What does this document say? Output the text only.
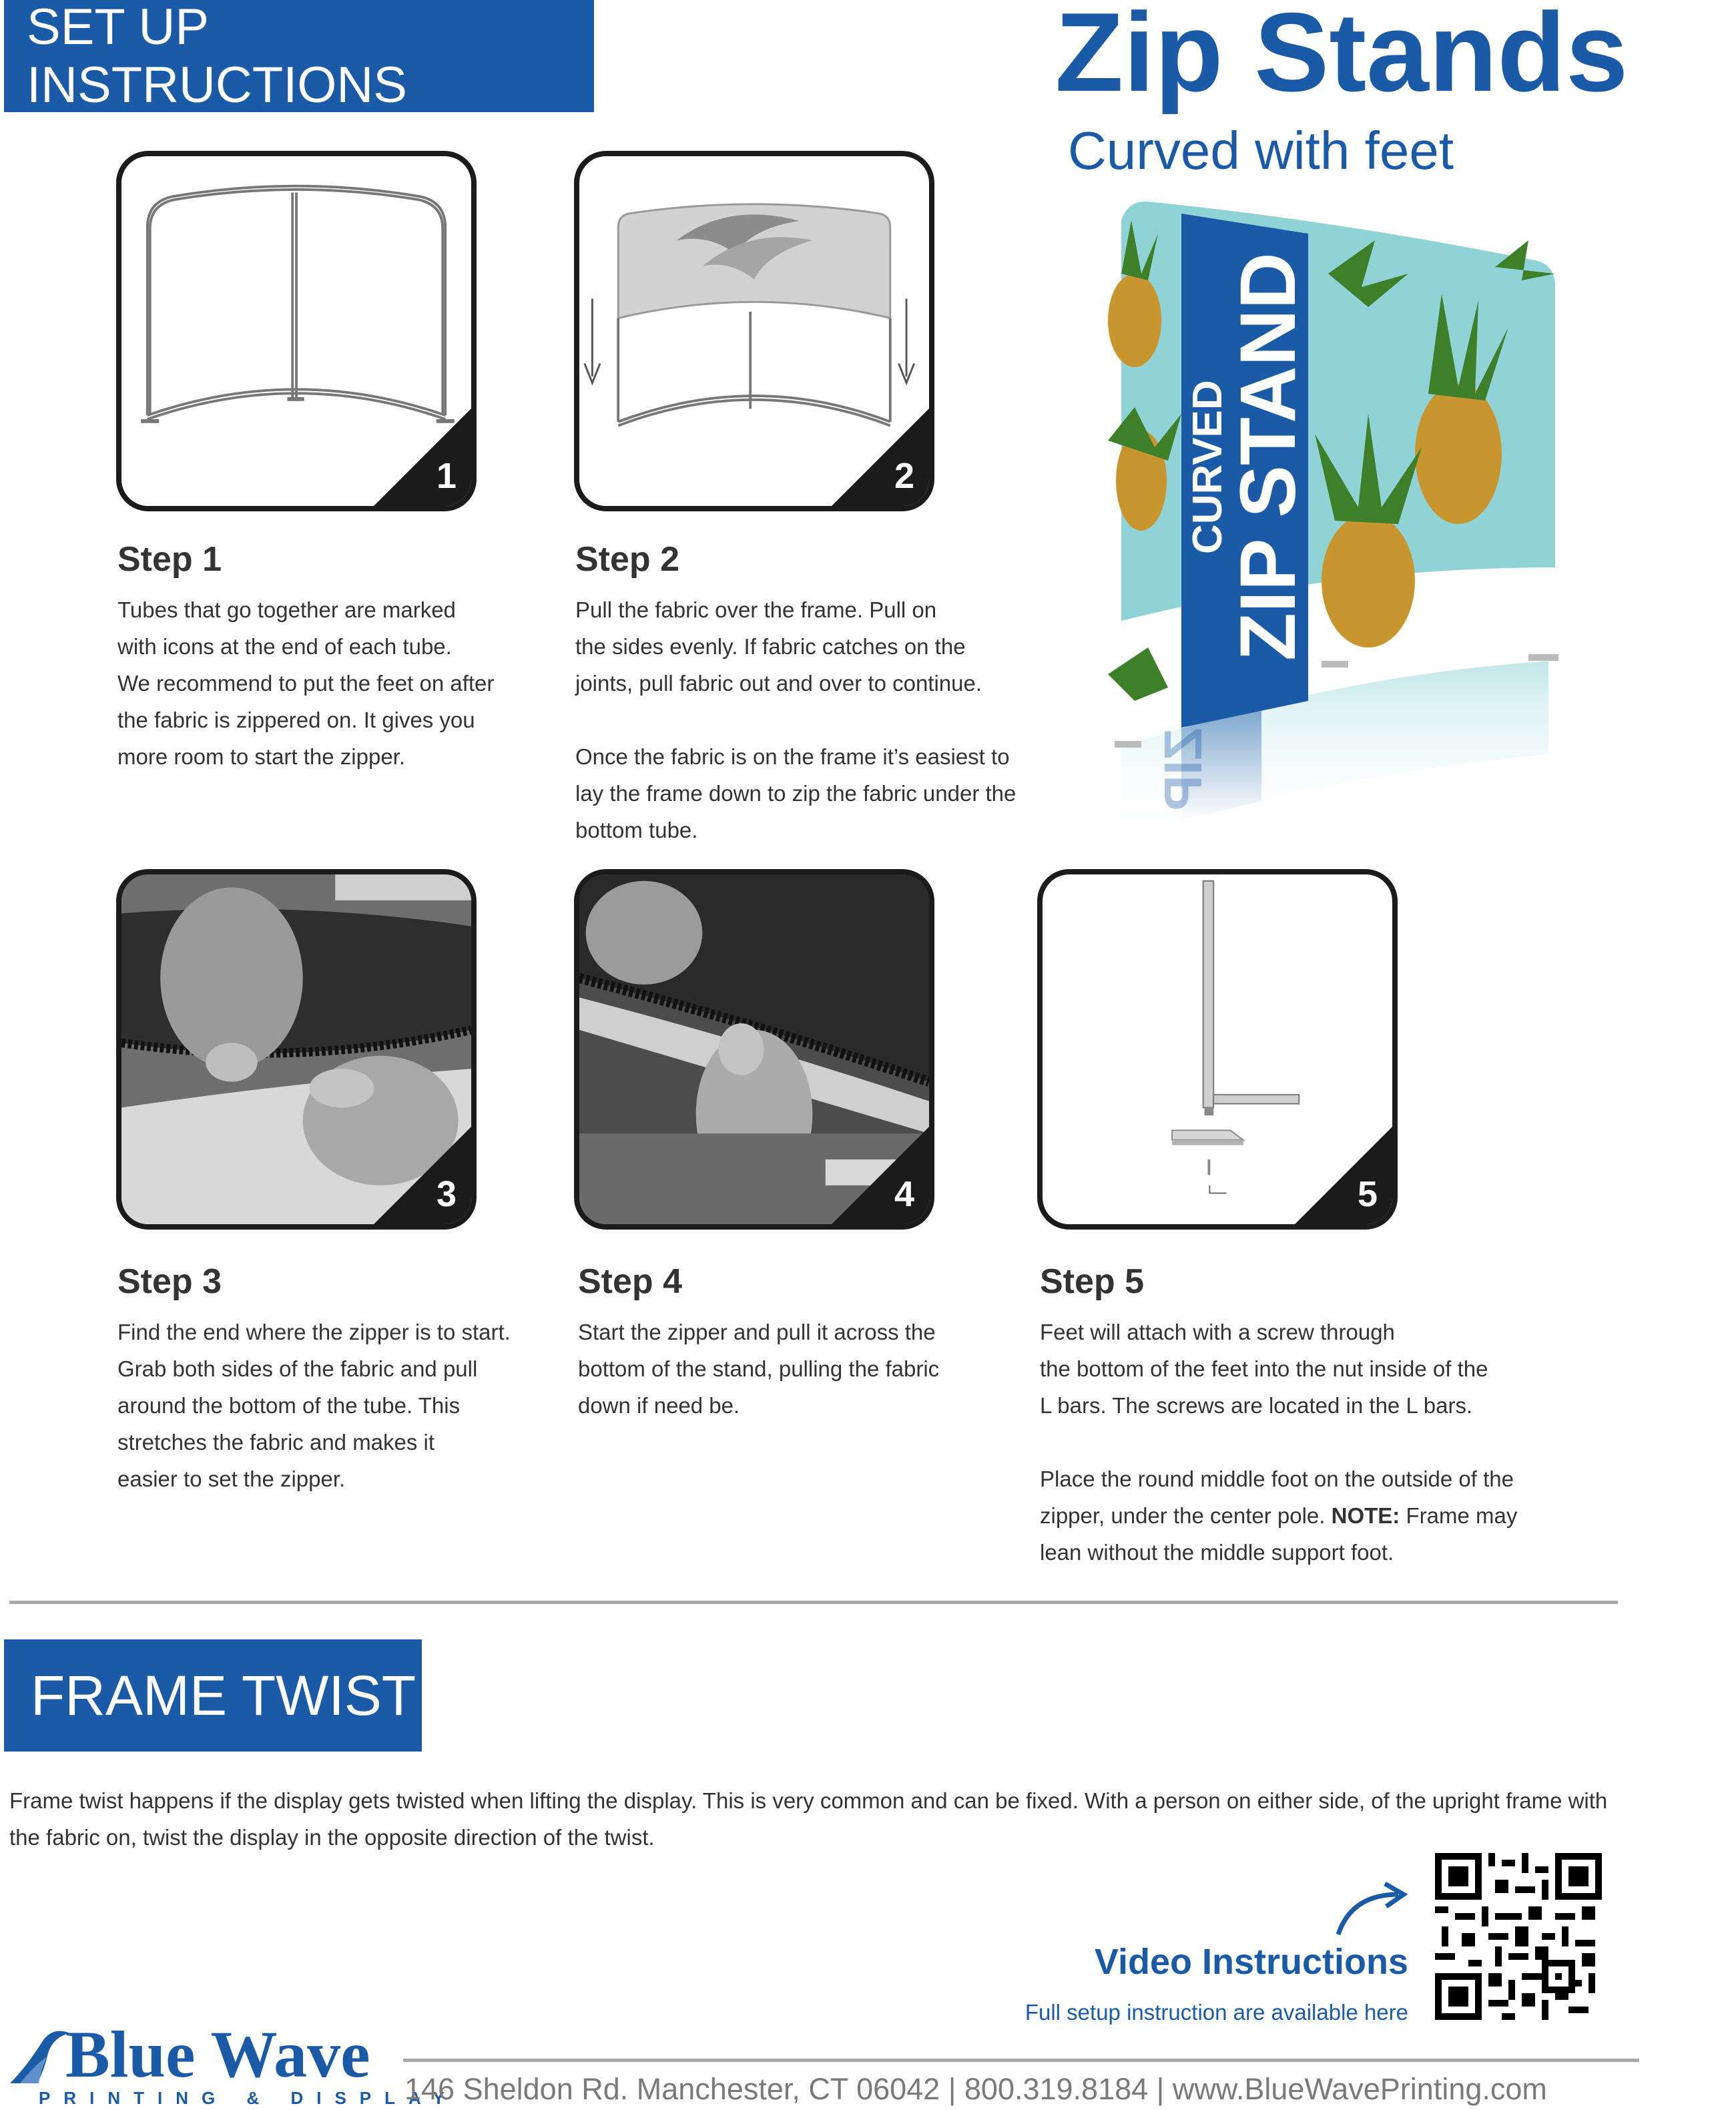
SET UP INSTRUCTIONS	Zip Stands
Curved with feet
CURVED
ZIP STAND
ZIP
1
Step 1

Tubes that go together are marked

with icons at the end of each tube.

We recommend to put the feet on after

the fabric is zippered on. It gives you

more room to start the zipper.

2
Step 2

Pull the fabric over the frame. Pull on

the sides evenly. If fabric catches on the

joints, pull fabric out and over to continue.

Once the fabric is on the frame it’s easiest to

lay the frame down to zip the fabric under the

bottom tube.

3
Step 3

Find the end where the zipper is to start.

Grab both sides of the fabric and pull

around the bottom of the tube. This

stretches the fabric and makes it

easier to set the zipper.

4
Step 4

Start the zipper and pull it across the

bottom of the stand, pulling the fabric

down if need be.

5
Step 5

Feet will attach with a screw through

the bottom of the feet into the nut inside of the

L bars. The screws are located in the L bars.

Place the round middle foot on the outside of the

zipper, under the center pole. NOTE: Frame may

lean without the middle support foot.

FRAME TWIST
Frame twist happens if the display gets twisted when lifting the display. This is very common and can be fixed. With a person on either side, of the upright frame with the fabric on, twist the display in the opposite direction of the twist.
Video Instructions
Full setup instruction are available here
Blue Wave
PRINTING & DISPLAY
146 Sheldon Rd. Manchester, CT 06042 | 800.319.8184 | www.BlueWavePrinting.com
